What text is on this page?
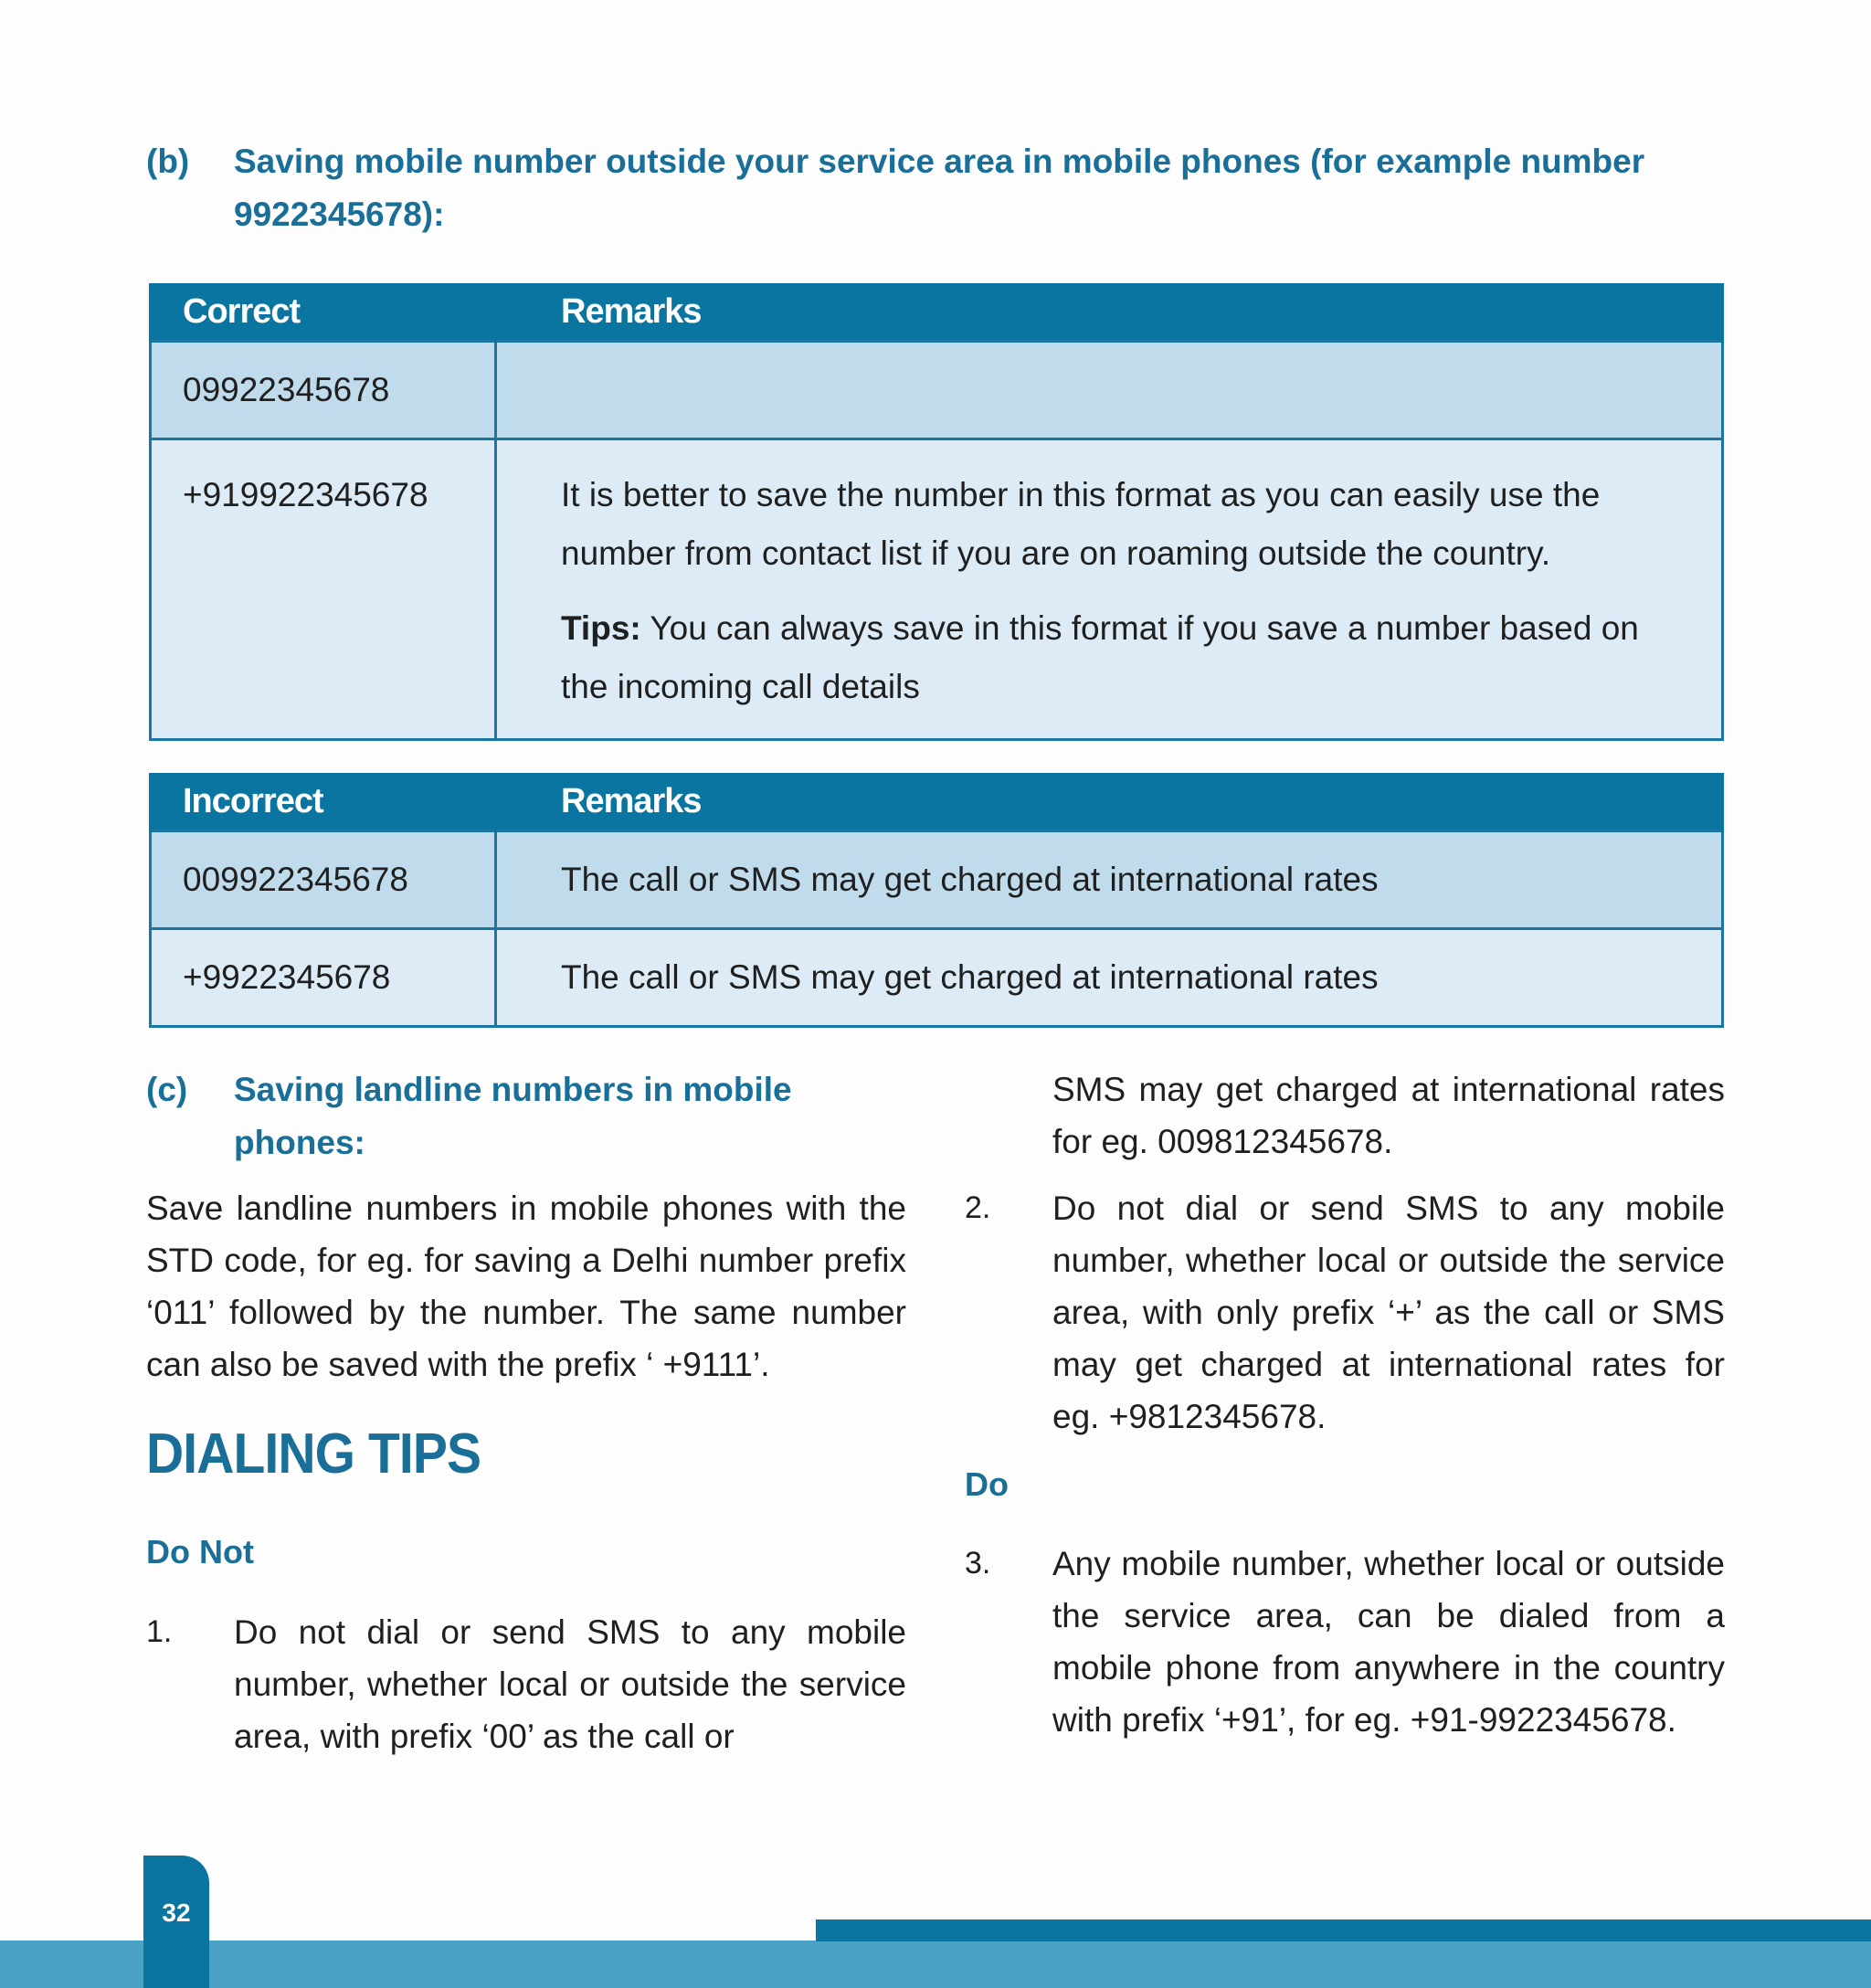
(b)	Saving mobile number outside your service area in mobile phones (for example number 9922345678):
Correct	Remarks
09922345678	
+919922345678	It is better to save the number in this format as you can easily use the number from contact list if you are on roaming outside the country.
Tips: You can always save in this format if you save a number based on the incoming call details
Incorrect	Remarks
009922345678	The call or SMS may get charged at international rates
+9922345678	The call or SMS may get charged at international rates
(c)	Saving landline numbers in mobile phones:

Save landline numbers in mobile phones with the STD code, for eg. for saving a Delhi number prefix ‘011’ followed by the number. The same number can also be saved with the prefix ‘ +9111’.

DIALING TIPS
Do Not
1.	Do not dial or send SMS to any mobile number, whether local or outside the service area, with prefix ‘00’ as the call or
SMS may get charged at international rates for eg. 009812345678.
2.	Do not dial or send SMS to any mobile number, whether local or outside the service area, with only prefix ‘+’ as the call or SMS may get charged at international rates for eg. +9812345678.
Do
3.	Any mobile number, whether local or outside the service area, can be dialed from a mobile phone from anywhere in the country with prefix ‘+91’, for eg. +91-9922345678.
32
